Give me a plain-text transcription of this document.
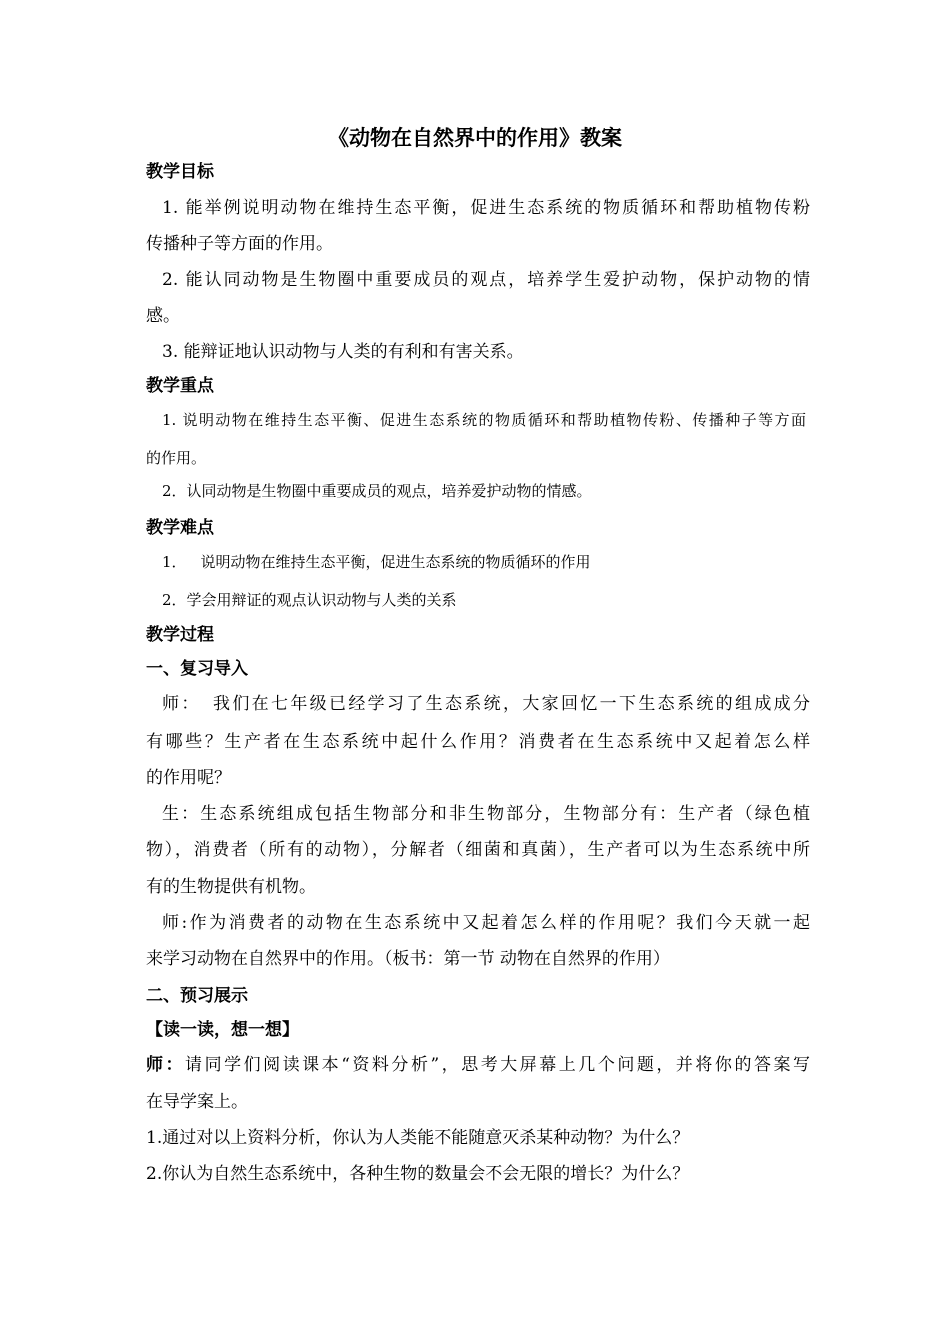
《动物在自然界中的作用》教案
教学目标
1. 能举例说明动物在维持生态平衡，促进生态系统的物质循环和帮助植物传粉
传播种子等方面的作用。
2. 能认同动物是生物圈中重要成员的观点，培养学生爱护动物，保护动物的情
感。
3. 能辩证地认识动物与人类的有利和有害关系。
教学重点
1. 说明动物在维持生态平衡、促进生态系统的物质循环和帮助植物传粉、传播种子等方面
的作用。
2．认同动物是生物圈中重要成员的观点，培养爱护动物的情感。
教学难点
1． 说明动物在维持生态平衡，促进生态系统的物质循环的作用
2．学会用辩证的观点认识动物与人类的关系
教学过程
一、复习导入
师： 我们在七年级已经学习了生态系统，大家回忆一下生态系统的组成成分
有哪些？生产者在生态系统中起什么作用？消费者在生态系统中又起着怎么样
的作用呢？
生：生态系统组成包括生物部分和非生物部分，生物部分有：生产者（绿色植
物），消费者（所有的动物），分解者（细菌和真菌），生产者可以为生态系统中所
有的生物提供有机物。
师:作为消费者的动物在生态系统中又起着怎么样的作用呢？我们今天就一起
来学习动物在自然界中的作用。（板书：第一节 动物在自然界的作用）
二、预习展示
【读一读，想一想】
师：请同学们阅读课本“资料分析”，思考大屏幕上几个问题，并将你的答案写
在导学案上。
1.通过对以上资料分析，你认为人类能不能随意灭杀某种动物？为什么？
2.你认为自然生态系统中，各种生物的数量会不会无限的增长？为什么？
